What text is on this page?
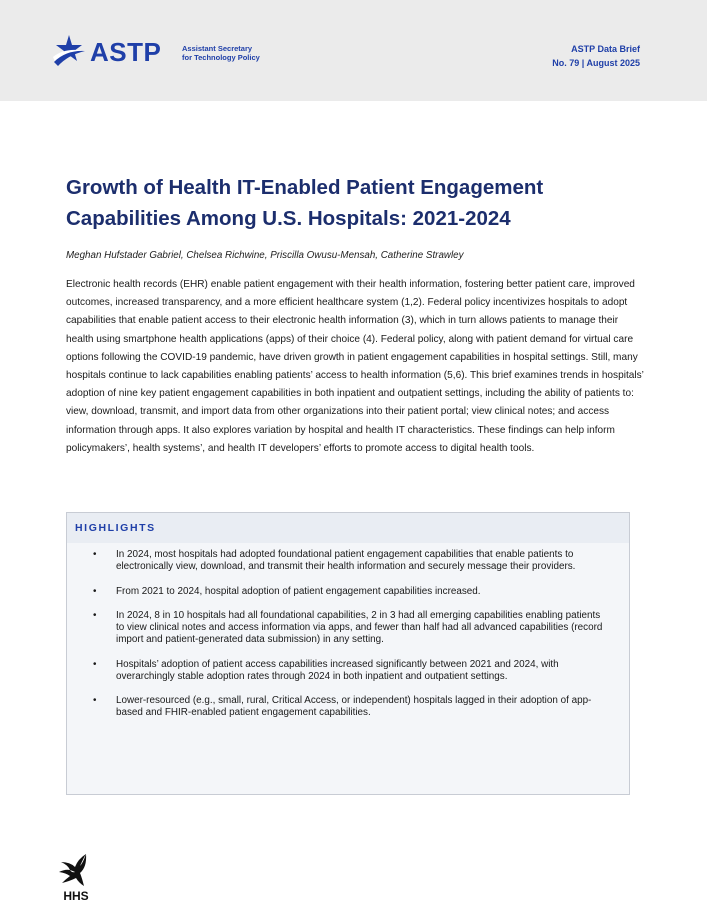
ASTP	Assistant Secretary
for Technology Policy
ASTP Data Brief
No. 79 | August 2025
Growth of Health IT-Enabled Patient Engagement Capabilities Among U.S. Hospitals: 2021-2024
Meghan Hufstader Gabriel, Chelsea Richwine, Priscilla Owusu-Mensah, Catherine Strawley

Electronic health records (EHR) enable patient engagement with their health information, fostering better patient care, improved outcomes, increased transparency, and a more efficient healthcare system (1,2). Federal policy incentivizes hospitals to adopt capabilities that enable patient access to their electronic health information (3), which in turn allows patients to manage their health using smartphone health applications (apps) of their choice (4). Federal policy, along with patient demand for virtual care options following the COVID-19 pandemic, have driven growth in patient engagement capabilities in hospital settings. Still, many hospitals continue to lack capabilities enabling patients’ access to health information (5,6). This brief examines trends in hospitals’ adoption of nine key patient engagement capabilities in both inpatient and outpatient settings, including the ability of patients to: view, download, transmit, and import data from other organizations into their patient portal; view clinical notes; and access information through apps. It also explores variation by hospital and health IT characteristics. These findings can help inform policymakers’, health systems’, and health IT developers’ efforts to promote access to digital health tools.

HIGHLIGHTS
• In 2024, most hospitals had adopted foundational patient engagement capabilities that enable patients to electronically view, download, and transmit their health information and securely message their providers.
• From 2021 to 2024, hospital adoption of patient engagement capabilities increased.
• In 2024, 8 in 10 hospitals had all foundational capabilities, 2 in 3 had all emerging capabilities enabling patients to view clinical notes and access information via apps, and fewer than half had all advanced capabilities (record import and patient-generated data submission) in any setting.
• Hospitals’ adoption of patient access capabilities increased significantly between 2021 and 2024, with overarchingly stable adoption rates through 2024 in both inpatient and outpatient settings.
• Lower-resourced (e.g., small, rural, Critical Access, or independent) hospitals lagged in their adoption of app-based and FHIR-enabled patient engagement capabilities.
HHS
